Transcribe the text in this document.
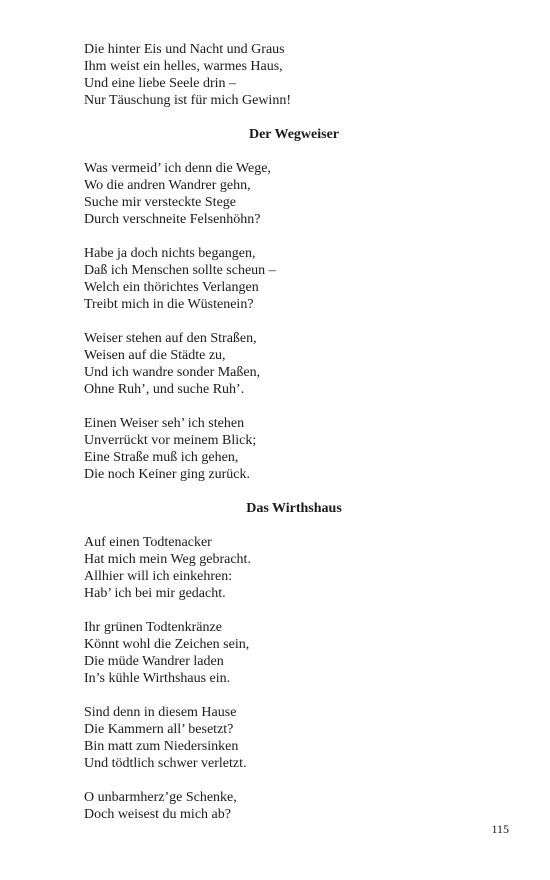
Die hinter Eis und Nacht und Graus
Ihm weist ein helles, warmes Haus,
Und eine liebe Seele drin –
Nur Täuschung ist für mich Gewinn!
Der Wegweiser
Was vermeid’ ich denn die Wege,
Wo die andren Wandrer gehn,
Suche mir versteckte Stege
Durch verschneite Felsenhöhn?
Habe ja doch nichts begangen,
Daß ich Menschen sollte scheun –
Welch ein thörichtes Verlangen
Treibt mich in die Wüstenein?
Weiser stehen auf den Straßen,
Weisen auf die Städte zu,
Und ich wandre sonder Maßen,
Ohne Ruh’, und suche Ruh’.
Einen Weiser seh’ ich stehen
Unverrückt vor meinem Blick;
Eine Straße muß ich gehen,
Die noch Keiner ging zurück.
Das Wirthshaus
Auf einen Todtenacker
Hat mich mein Weg gebracht.
Allhier will ich einkehren:
Hab’ ich bei mir gedacht.
Ihr grünen Todtenkränze
Könnt wohl die Zeichen sein,
Die müde Wandrer laden
In’s kühle Wirthshaus ein.
Sind denn in diesem Hause
Die Kammern all’ besetzt?
Bin matt zum Niedersinken
Und tödtlich schwer verletzt.
O unbarmherz’ge Schenke,
Doch weisest du mich ab?
115
